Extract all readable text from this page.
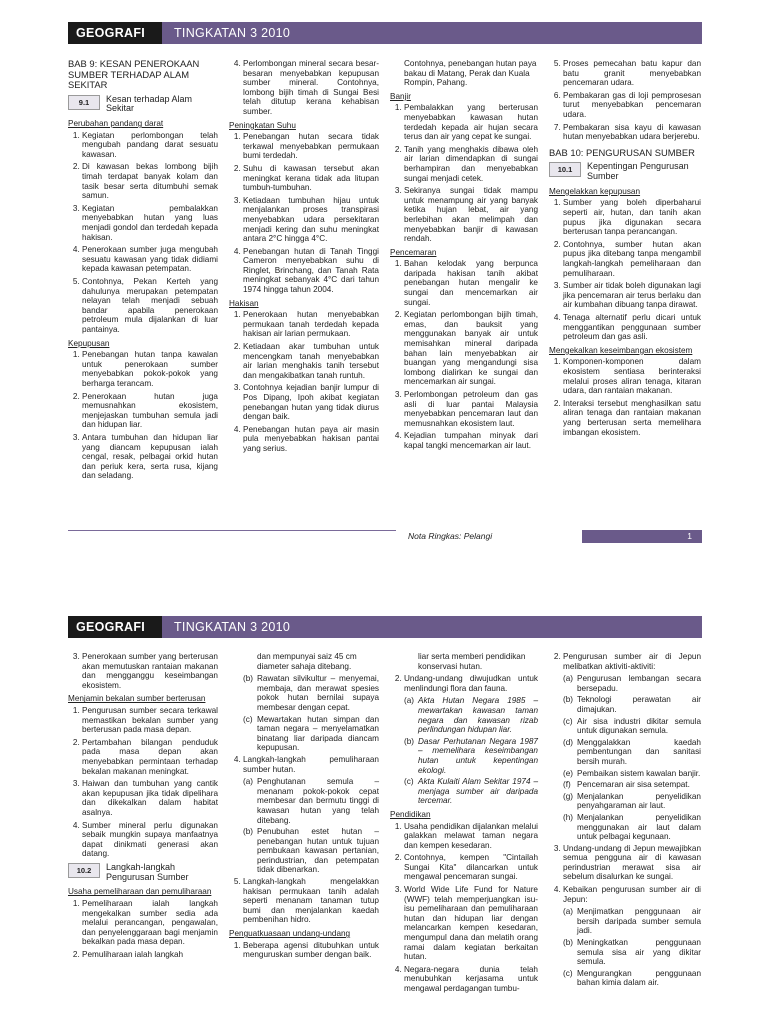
GEOGRAFI	TINGKATAN 3 2010
BAB 9: KESAN PENEROKAAN SUMBER TERHADAP ALAM SEKITAR
9.1	Kesan terhadap Alam Sekitar
Perubahan pandang darat
1. Kegiatan perlombongan telah mengubah pandang darat sesuatu kawasan.
2. Di kawasan bekas lombong bijih timah terdapat banyak kolam dan tasik besar serta ditumbuhi semak samun.
3. Kegiatan pembalakkan menyebabkan hutan yang luas menjadi gondol dan terdedah kepada hakisan.
4. Penerokaan sumber juga mengubah sesuatu kawasan yang tidak didiami kepada kawasan petempatan.
5. Contohnya, Pekan Kerteh yang dahulunya merupakan petempatan nelayan telah menjadi sebuah bandar apabila penerokaan petroleum mula dijalankan di luar pantainya.
Kepupusan
1. Penebangan hutan tanpa kawalan untuk penerokaan sumber menyebabkan pokok-pokok yang berharga terancam.
2. Penerokaan hutan juga memusnahkan ekosistem, menjejaskan tumbuhan semula jadi dan hidupan liar.
3. Antara tumbuhan dan hidupan liar yang diancam kepupusan ialah cengal, resak, pelbagai orkid hutan dan periuk kera, serta rusa, kijang dan seladang.
4. Perlombongan mineral secara besar-besaran menyebabkan kepupusan sumber mineral. Contohnya, lombong bijih timah di Sungai Besi telah ditutup kerana kehabisan sumber.
Peningkatan Suhu
1. Penebangan hutan secara tidak terkawal menyebabkan permukaan bumi terdedah.
2. Suhu di kawasan tersebut akan meningkat kerana tidak ada litupan tumbuh-tumbuhan.
3. Ketiadaan tumbuhan hijau untuk menjalankan proses transpirasi menyebabkan udara persekitaran menjadi kering dan suhu meningkat antara 2°C hingga 4°C.
4. Penebangan hutan di Tanah Tinggi Cameron menyebabkan suhu di Ringlet, Brinchang, dan Tanah Rata meningkat sebanyak 4°C dari tahun 1974 hingga tahun 2004.
Hakisan
1. Penerokaan hutan menyebabkan permukaan tanah terdedah kepada hakisan air larian permukaan.
2. Ketiadaan akar tumbuhan untuk mencengkam tanah menyebabkan air larian menghakis tanih tersebut dan mengakibatkan tanah runtuh.
3. Contohnya kejadian banjir lumpur di Pos Dipang, Ipoh akibat kegiatan penebangan hutan yang tidak diurus dengan baik.
4. Penebangan hutan paya air masin pula menyebabkan hakisan pantai yang serius.

Contohnya, penebangan hutan paya bakau di Matang, Perak dan Kuala Rompin, Pahang.

Banjir
1. Pembalakkan yang berterusan menyebabkan kawasan hutan terdedah kepada air hujan secara terus dan air yang cepat ke sungai.
2. Tanih yang menghakis dibawa oleh air larian dimendapkan di sungai berhampiran dan menyebabkan sungai menjadi cetek.
3. Sekiranya sungai tidak mampu untuk menampung air yang banyak ketika hujan lebat, air yang berlebihan akan melimpah dan menyebabkan banjir di kawasan rendah.
Pencemaran
1. Bahan kelodak yang berpunca daripada hakisan tanih akibat penebangan hutan mengalir ke sungai dan mencemarkan air sungai.
2. Kegiatan perlombongan bijih timah, emas, dan bauksit yang menggunakan banyak air untuk memisahkan mineral daripada bahan lain menyebabkan air buangan yang mengandungi sisa lombong dialirkan ke sungai dan mencemarkan air sungai.
3. Perlombongan petroleum dan gas asli di luar pantai Malaysia menyebabkan pencemaran laut dan memusnahkan ekosistem laut.
4. Kejadian tumpahan minyak dari kapal tangki mencemarkan air laut.
5. Proses pemecahan batu kapur dan batu granit menyebabkan pencemaran udara.
6. Pembakaran gas di loji pemprosesan turut menyebabkan pencemaran udara.
7. Pembakaran sisa kayu di kawasan hutan menyebabkan udara berjerebu.
BAB 10: PENGURUSAN SUMBER
10.1	Kepentingan Pengurusan Sumber
Mengelakkan kepupusan
1. Sumber yang boleh diperbaharui seperti air, hutan, dan tanih akan pupus jika digunakan secara berterusan tanpa perancangan.
2. Contohnya, sumber hutan akan pupus jika ditebang tanpa mengambil langkah-langkah pemeliharaan dan pemuliharaan.
3. Sumber air tidak boleh digunakan lagi jika pencemaran air terus berlaku dan air kumbahan dibuang tanpa dirawat.
4. Tenaga alternatif perlu dicari untuk menggantikan penggunaan sumber petroleum dan gas asli.
Mengekalkan keseimbangan ekosistem
1. Komponen-komponen dalam ekosistem sentiasa berinteraksi melalui proses aliran tenaga, kitaran udara, dan rantaian makanan.
2. Interaksi tersebut menghasilkan satu aliran tenaga dan rantaian makanan yang berterusan serta memelihara imbangan ekosistem.
Nota Ringkas: Pelangi	1
GEOGRAFI	TINGKATAN 3 2010
3. Penerokaan sumber yang berterusan akan memutuskan rantaian makanan dan mengganggu keseimbangan ekosistem.
Menjamin bekalan sumber berterusan
1. Pengurusan sumber secara terkawal memastikan bekalan sumber yang berterusan pada masa depan.
2. Pertambahan bilangan penduduk pada masa depan akan menyebabkan permintaan terhadap bekalan makanan meningkat.
3. Haiwan dan tumbuhan yang cantik akan kepupusan jika tidak dipelihara dan dikekalkan dalam habitat asalnya.
4. Sumber mineral perlu digunakan sebaik mungkin supaya manfaatnya dapat dinikmati generasi akan datang.
10.2	Langkah-langkah Pengurusan Sumber
Usaha pemeliharaan dan pemuliharaan
1. Pemeliharaan ialah langkah mengekalkan sumber sedia ada melalui perancangan, pengawalan, dan penyelenggaraan bagi menjamin bekalkan pada masa depan.
2. Pemuliharaan ialah langkah

dan mempunyai saiz 45 cm diameter sahaja ditebang.

(b) Rawatan silvikultur – menyemai, membaja, dan merawat spesies pokok hutan bernilai supaya membesar dengan cepat.
(c) Mewartakan hutan simpan dan taman negara – menyelamatkan binatang liar daripada diancam kepupusan.
4. Langkah-langkah pemuliharaan sumber hutan.
(a) Penghutanan semula – menanam pokok-pokok cepat membesar dan bermutu tinggi di kawasan hutan yang telah ditebang.
(b) Penubuhan estet hutan – penebangan hutan untuk tujuan pembukaan kawasan pertanian, perindustrian, dan petempatan tidak dibenarkan.
5. Langkah-langkah mengelakkan hakisan permukaan tanih adalah seperti menanam tanaman tutup bumi dan menjalankan kaedah pembenihan hidro.
Penguatkuasaan undang-undang
1. Beberapa agensi ditubuhkan untuk menguruskan sumber dengan baik.

liar serta memberi pendidikan konservasi hutan.

2. Undang-undang diwujudkan untuk menlindungi flora dan fauna.
(a) Akta Hutan Negara 1985 – mewartakan kawasan taman negara dan kawasan rizab perlindungan hidupan liar.
(b) Dasar Perhutanan Negara 1987 – memelihara keseimbangan hutan untuk kepentingan ekologi.
(c) Akta Kulaiti Alam Sekitar 1974 – menjaga sumber air daripada tercemar.
Pendidikan
1. Usaha pendidikan dijalankan melalui galakkan melawat taman negara dan kempen kesedaran.
2. Contohnya, kempen "Cintailah Sungai Kita" dilancarkan untuk mengawal pencemaran sungai.
3. World Wide Life Fund for Nature (WWF) telah memperjuangkan isu-isu pemeliharaan dan pemuliharaan hutan dan hidupan liar dengan melancarkan kempen kesedaran, mengumpul dana dan melatih orang ramai dalam kegiatan berkaitan hutan.
4. Negara-negara dunia telah menubuhkan kerjasama untuk mengawal perdagangan tumbu-
2. Pengurusan sumber air di Jepun melibatkan aktiviti-aktiviti:
(a) Pengurusan lembangan secara bersepadu.
(b) Teknologi perawatan air dimajukan.
(c) Air sisa industri dikitar semula untuk digunakan semula.
(d) Menggalakkan kaedah pembentungan dan sanitasi bersih murah.
(e) Pembaikan sistem kawalan banjir.
(f) Pencemaran air sisa setempat.
(g) Menjalankan penyelidikan penyahgaraman air laut.
(h) Menjalankan penyelidikan menggunakan air laut dalam untuk pelbagai kegunaan.
3. Undang-undang di Jepun mewajibkan semua pengguna air di kawasan perindustrian merawat sisa air sebelum disalurkan ke sungai.
4. Kebaikan pengurusan sumber air di Jepun:
(a) Menjimatkan penggunaan air bersih daripada sumber semula jadi.
(b) Meningkatkan penggunaan semula sisa air yang dikitar semula.
(c) Mengurangkan penggunaan bahan kimia dalam air.
